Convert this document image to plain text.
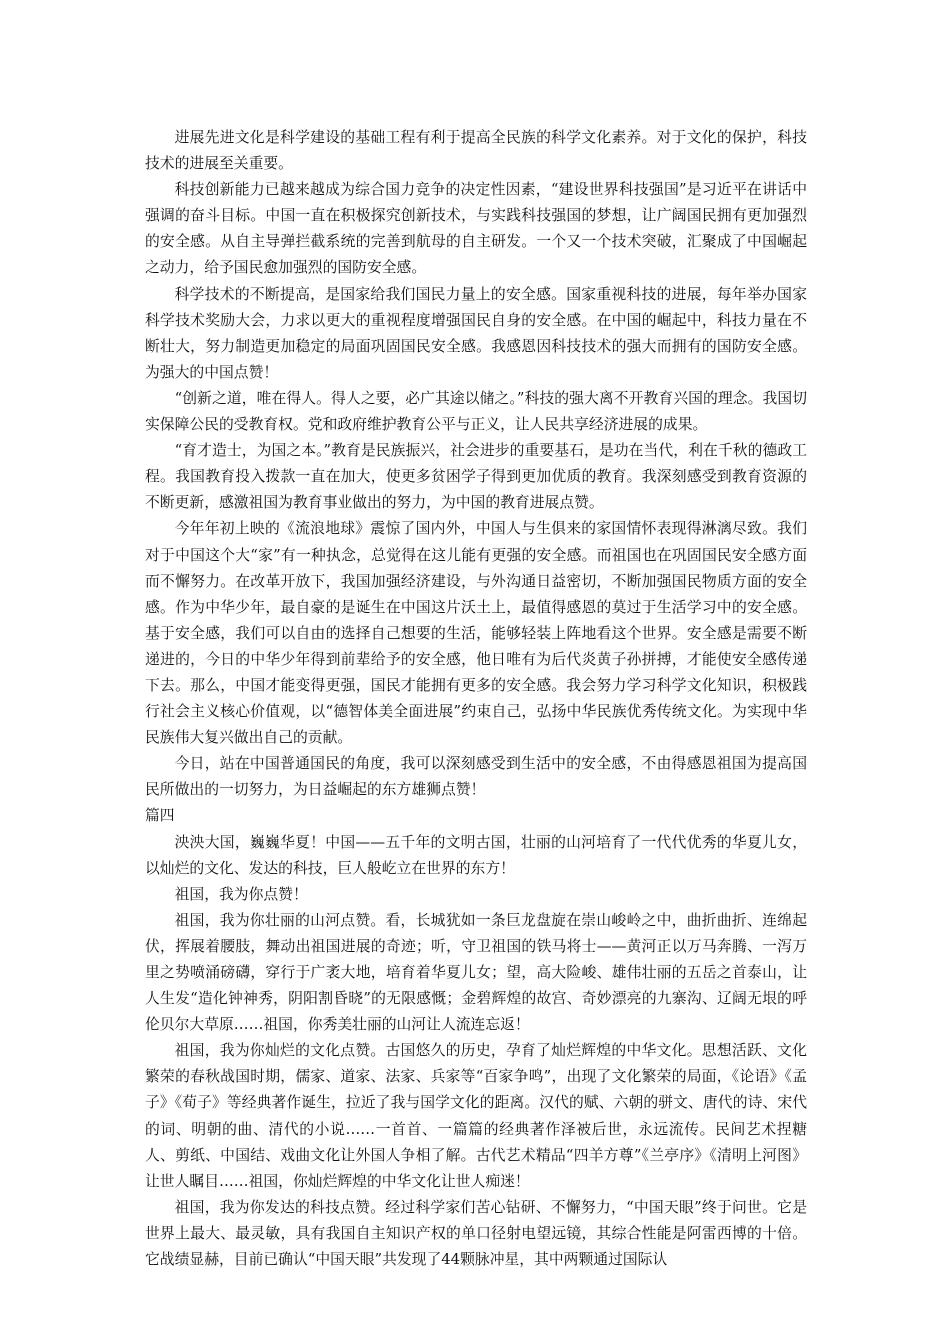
进展先进文化是科学建设的基础工程有利于提高全民族的科学文化素养。对于文化的保护，科技技术的进展至关重要。

科技创新能力已越来越成为综合国力竞争的决定性因素，“建设世界科技强国”是习近平在讲话中强调的奋斗目标。中国一直在积极探究创新技术，与实践科技强国的梦想，让广阔国民拥有更加强烈的安全感。从自主导弹拦截系统的完善到航母的自主研发。一个又一个技术突破，汇聚成了中国崛起之动力，给予国民愈加强烈的国防安全感。

科学技术的不断提高，是国家给我们国民力量上的安全感。国家重视科技的进展，每年举办国家科学技术奖励大会，力求以更大的重视程度增强国民自身的安全感。在中国的崛起中，科技力量在不断壮大，努力制造更加稳定的局面巩固国民安全感。我感恩因科技技术的强大而拥有的国防安全感。为强大的中国点赞！

“创新之道，唯在得人。得人之要，必广其途以储之。”科技的强大离不开教育兴国的理念。我国切实保障公民的受教育权。党和政府维护教育公平与正义，让人民共享经济进展的成果。

“育才造士，为国之本。”教育是民族振兴，社会进步的重要基石，是功在当代，利在千秋的德政工程。我国教育投入拨款一直在加大，使更多贫困学子得到更加优质的教育。我深刻感受到教育资源的不断更新，感激祖国为教育事业做出的努力，为中国的教育进展点赞。

今年年初上映的《流浪地球》震惊了国内外，中国人与生俱来的家国情怀表现得淋漓尽致。我们对于中国这个大“家”有一种执念，总觉得在这儿能有更强的安全感。而祖国也在巩固国民安全感方面而不懈努力。在改革开放下，我国加强经济建设，与外沟通日益密切，不断加强国民物质方面的安全感。作为中华少年，最自豪的是诞生在中国这片沃土上，最值得感恩的莫过于生活学习中的安全感。基于安全感，我们可以自由的选择自己想要的生活，能够轻装上阵地看这个世界。安全感是需要不断递进的，今日的中华少年得到前辈给予的安全感，他日唯有为后代炎黄子孙拼搏，才能使安全感传递下去。那么，中国才能变得更强，国民才能拥有更多的安全感。我会努力学习科学文化知识，积极践行社会主义核心价值观，以“德智体美全面进展”约束自己，弘扬中华民族优秀传统文化。为实现中华民族伟大复兴做出自己的贡献。

今日，站在中国普通国民的角度，我可以深刻感受到生活中的安全感，不由得感恩祖国为提高国民所做出的一切努力，为日益崛起的东方雄狮点赞！

篇四

泱泱大国，巍巍华夏！中国——五千年的文明古国，壮丽的山河培育了一代代优秀的华夏儿女，以灿烂的文化、发达的科技，巨人般屹立在世界的东方！

祖国，我为你点赞！

祖国，我为你壮丽的山河点赞。看，长城犹如一条巨龙盘旋在崇山峻岭之中，曲折曲折、连绵起伏，挥展着腰肢，舞动出祖国进展的奇迹；听，守卫祖国的铁马将士——黄河正以万马奔腾、一泻万里之势喷涌磅礴，穿行于广袤大地，培育着华夏儿女；望，高大险峻、雄伟壮丽的五岳之首泰山，让人生发“造化钟神秀，阴阳割昏晓”的无限感慨；金碧辉煌的故宫、奇妙漂亮的九寨沟、辽阔无垠的呼伦贝尔大草原……祖国，你秀美壮丽的山河让人流连忘返！

祖国，我为你灿烂的文化点赞。古国悠久的历史，孕育了灿烂辉煌的中华文化。思想活跃、文化繁荣的春秋战国时期，儒家、道家、法家、兵家等“百家争鸣”，出现了文化繁荣的局面，《论语》《孟子》《荀子》等经典著作诞生，拉近了我与国学文化的距离。汉代的赋、六朝的骈文、唐代的诗、宋代的词、明朝的曲、清代的小说……一首首、一篇篇的经典著作泽被后世，永远流传。民间艺术捏糖人、剪纸、中国结、戏曲文化让外国人争相了解。古代艺术精品“四羊方尊”《兰亭序》《清明上河图》让世人瞩目……祖国，你灿烂辉煌的中华文化让世人痴迷！

祖国，我为你发达的科技点赞。经过科学家们苦心钻研、不懈努力，“中国天眼”终于问世。它是世界上最大、最灵敏，具有我国自主知识产权的单口径射电望远镜，其综合性能是阿雷西博的十倍。它战绩显赫，目前已确认“中国天眼”共发现了44颗脉冲星，其中两颗通过国际认
